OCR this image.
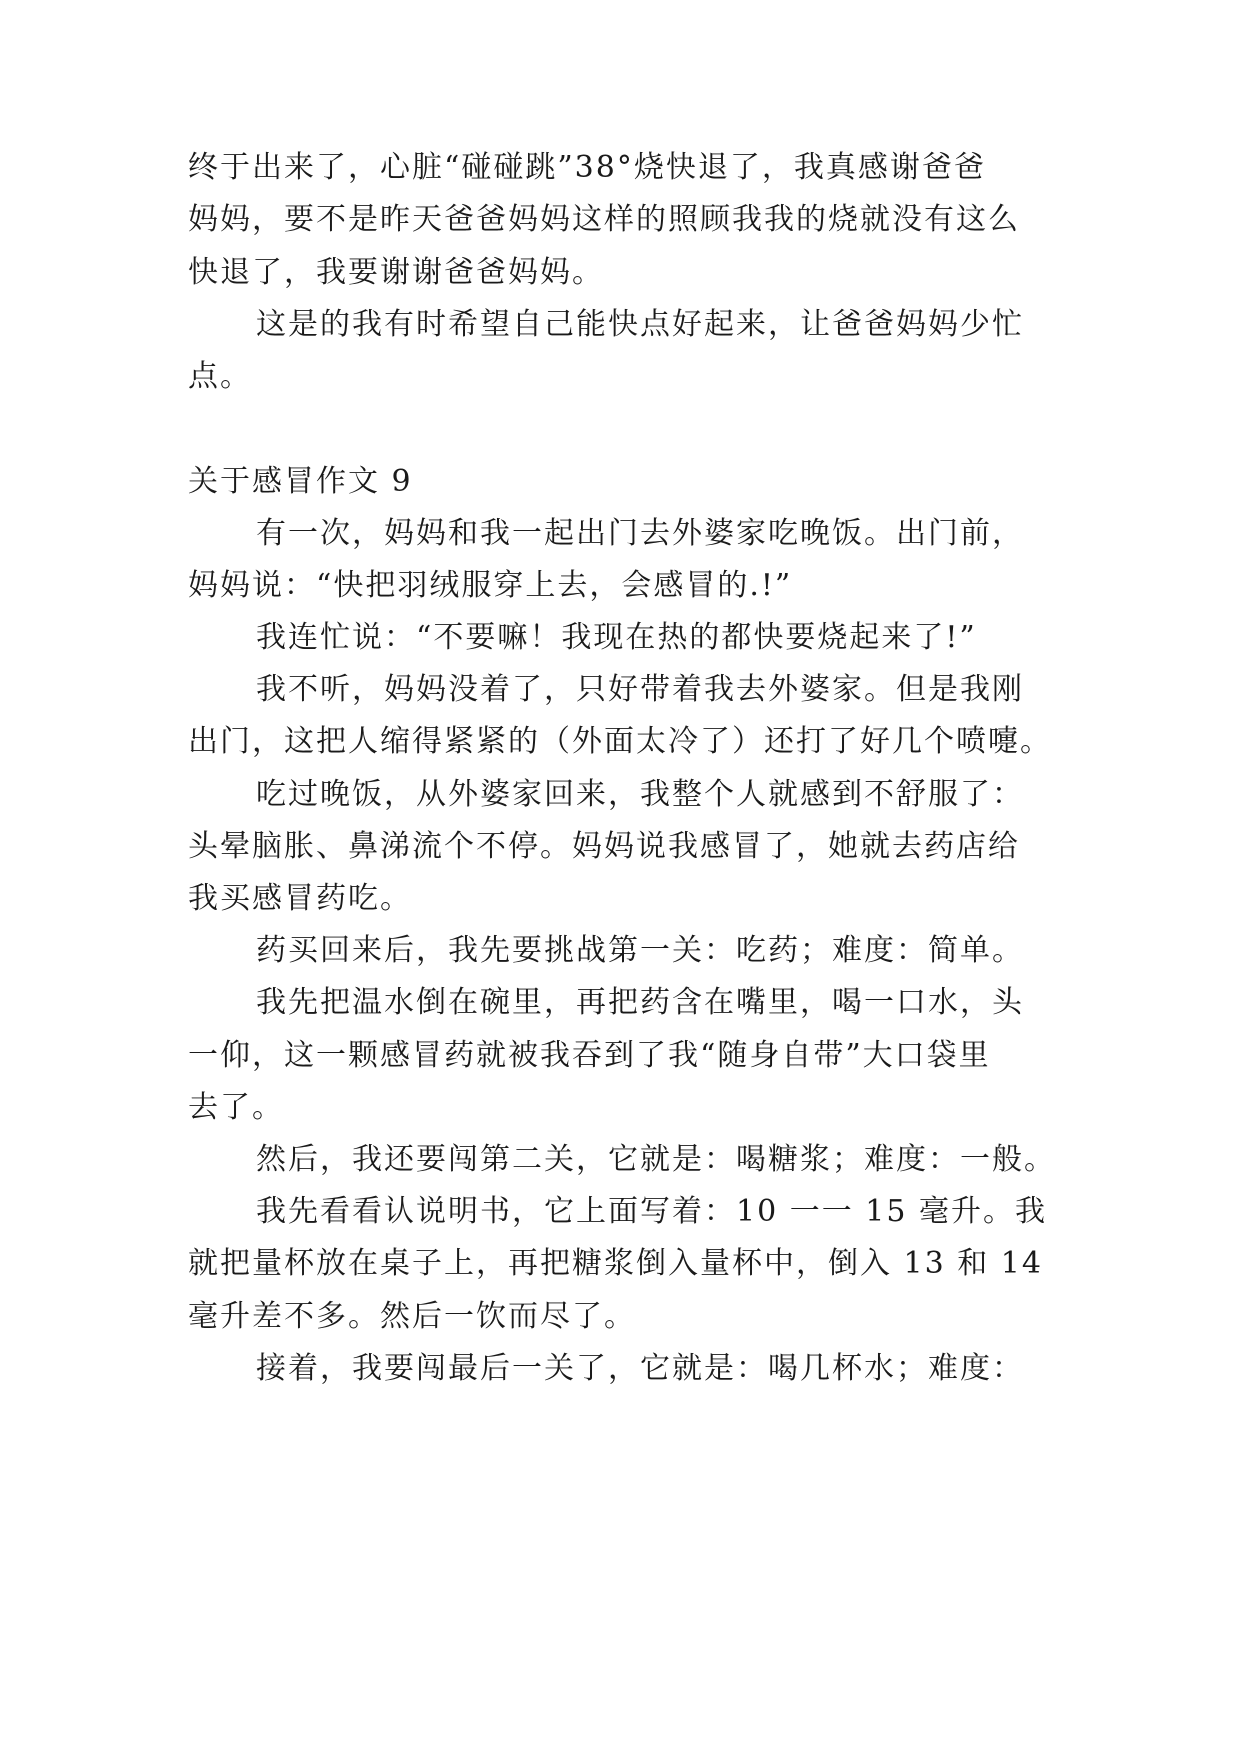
终于出来了，心脏“碰碰跳”38°烧快退了，我真感谢爸爸
妈妈，要不是昨天爸爸妈妈这样的照顾我我的烧就没有这么
快退了，我要谢谢爸爸妈妈。
这是的我有时希望自己能快点好起来，让爸爸妈妈少忙
点。
关于感冒作文 9
有一次，妈妈和我一起出门去外婆家吃晚饭。出门前，
妈妈说：“快把羽绒服穿上去，会感冒的.!”
我连忙说：“不要嘛！我现在热的都快要烧起来了!”
我不听，妈妈没着了，只好带着我去外婆家。但是我刚
出门，这把人缩得紧紧的（外面太冷了）还打了好几个喷嚏。
吃过晚饭，从外婆家回来，我整个人就感到不舒服了：
头晕脑胀、鼻涕流个不停。妈妈说我感冒了，她就去药店给
我买感冒药吃。
药买回来后，我先要挑战第一关：吃药；难度：简单。
我先把温水倒在碗里，再把药含在嘴里，喝一口水，头
一仰，这一颗感冒药就被我吞到了我“随身自带”大口袋里
去了。
然后，我还要闯第二关，它就是：喝糖浆；难度：一般。
我先看看认说明书，它上面写着：10 一一 15 毫升。我
就把量杯放在桌子上，再把糖浆倒入量杯中，倒入 13 和 14
毫升差不多。然后一饮而尽了。
接着，我要闯最后一关了，它就是：喝几杯水；难度：
